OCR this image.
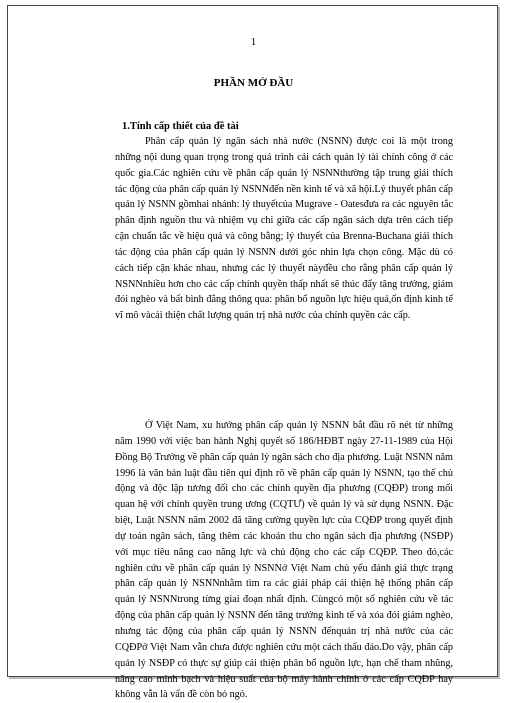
1
PHẦN MỞ ĐẦU
1.Tính cấp thiết của đề tài

Phân cấp quản lý ngân sách nhà nước (NSNN) được coi là một trong những nội dung quan trọng trong quá trình cải cách quản lý tài chính công ở các quốc gia.Các nghiên cứu về phân cấp quản lý NSNNthường tập trung giải thích tác động của phân cấp quản lý NSNNđến nền kinh tế và xã hội.Lý thuyết phân cấp quản lý NSNN gồmhai nhánh: lý thuyếtcủa Mugrave - Oatesđưa ra các nguyên tắc phân định nguồn thu và nhiệm vụ chi giữa các cấp ngân sách dựa trên cách tiếp cận chuẩn tắc về hiệu quả và công bằng; lý thuyết của Brenna-Buchana giải thích tác động của phân cấp quản lý NSNN dưới góc nhìn lựa chọn công. Mặc dù có cách tiếp cận khác nhau, nhưng các lý thuyết nàyđều cho rằng phân cấp quản lý NSNNnhiều hơn cho các cấp chính quyền thấp nhất sẽ thúc đẩy tăng trưởng, giảm đói nghèo và bất bình đẳng thông qua: phân bổ nguồn lực hiệu quả,ổn định kinh tế vĩ mô vàcải thiện chất lượng quản trị nhà nước của chính quyền các cấp.

Ở Việt Nam, xu hướng phân cấp quản lý NSNN bắt đầu rõ nét từ những năm 1990 với việc ban hành Nghị quyết số 186/HĐBT ngày 27-11-1989 của Hội Đồng Bộ Trưởng về phân cấp quản lý ngân sách cho địa phương. Luật NSNN năm 1996 là văn bản luật đầu tiên qui định rõ về phân cấp quản lý NSNN, tạo thế chủ động và độc lập tương đối cho các chính quyền địa phương (CQĐP) trong mối quan hệ với chính quyền trung ương (CQTƯ) về quản lý và sử dụng NSNN. Đặc biệt, Luật NSNN năm 2002 đã tăng cường quyền lực của CQĐP trong quyết định dự toán ngân sách, tăng thêm các khoản thu cho ngân sách địa phương (NSĐP) với mục tiêu nâng cao năng lực và chủ động cho các cấp CQĐP. Theo đó,các nghiên cứu về phân cấp quản lý NSNNở Việt Nam chủ yếu đánh giá thực trạng phân cấp quản lý NSNNnhằm tìm ra các giải pháp cải thiện hệ thống phân cấp quản lý NSNNtrong từng giai đoạn nhất định. Cùngcó một số nghiên cứu về tác động của phân cấp quản lý NSNN đến tăng trưởng kinh tế và xóa đói giảm nghèo, nhưng tác động của phân cấp quản lý NSNN đếnquản trị nhà nước của các CQĐPở Việt Nam vẫn chưa được nghiên cứu một cách thấu đáo.Do vậy, phân cấp quản lý NSĐP có thực sự giúp cải thiện phân bổ nguồn lực, hạn chế tham nhũng, nâng cao minh bạch và hiệu suất của bộ máy hành chính ở các cấp CQĐP hay không vẫn là vấn đề còn bỏ ngỏ.
